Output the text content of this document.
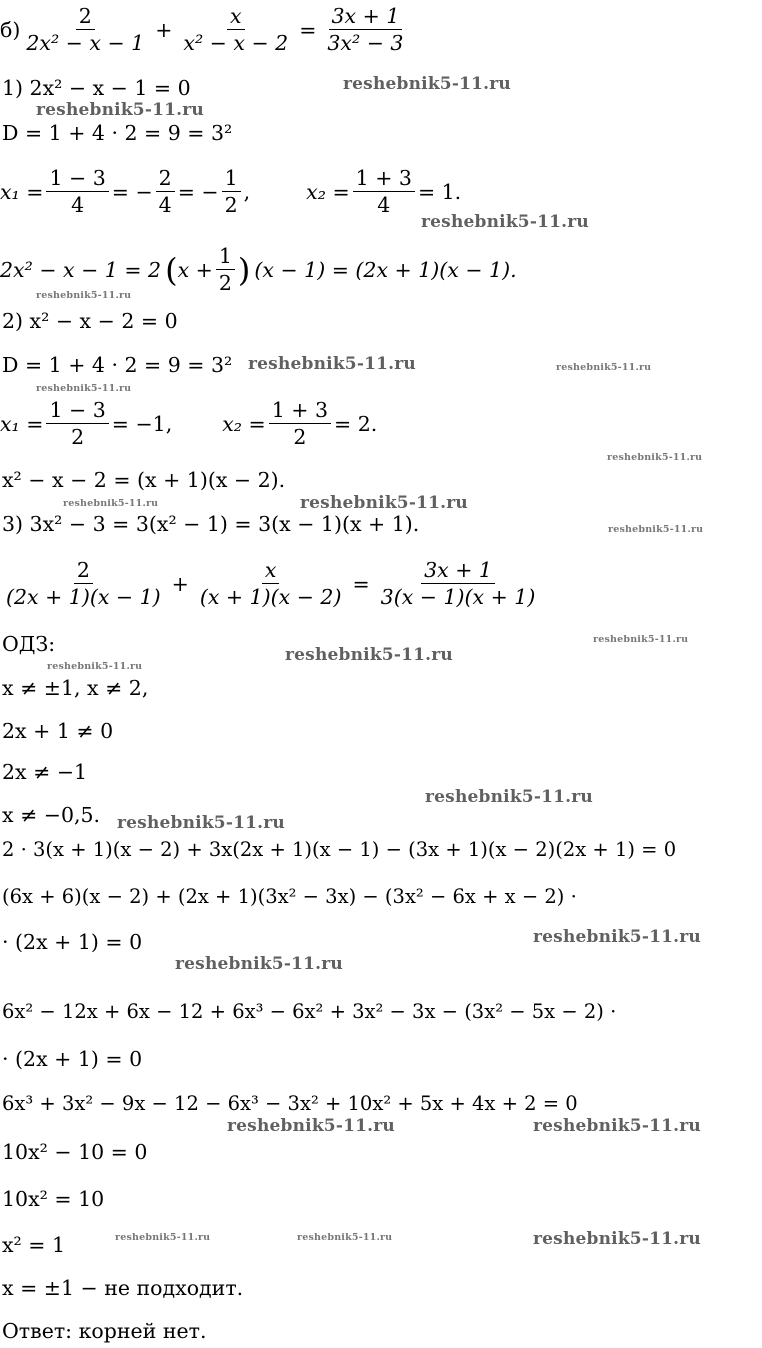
$б) \frac{2}{\text{2x² − x − 1}} + \frac{x}{\text{x² − x − 2}} = \frac{3x + 1}{\text{3x² − 3}}$
1) 2x² − x − 1 = 0
D = 1 + 4 · 2 = 9 = 3²
$x_1 = \frac{1 - 3}{4}$ = − $\frac{2}{4}$ = − $\frac{1}{2}$ ,	$x_2 = \frac{1 + 3}{4} = 1$.
2x² − x − 1 = 2 ( $x + \frac{1}{2}$ ) (x − 1) = (2x + 1)(x − 1).
2) x² − x − 2 = 0
D = 1 + 4 · 2 = 9 = 3²
$x_1 = \frac{1 - 3}{2} = -1$, $x_2 = \frac{1 + 3}{2} = 2$.
x² − x − 2 = (x + 1)(x − 2).
3) 3x² − 3 = 3(x² − 1) = 3(x − 1)(x + 1).
$\frac{2}{(2x + 1)(x - 1)} + \frac{x}{(x + 1)(x - 2)} = \frac{3x + 1}{3(x - 1)(x + 1)}$
ОДЗ:
x ≠ ±1, x ≠ 2,
2x + 1 ≠ 0
2x ≠ −1
x ≠ −0,5.
2 · 3(x + 1)(x − 2) + 3x(2x + 1)(x − 1) − (3x + 1)(x − 2)(2x + 1) = 0
(6x + 6)(x − 2) + (2x + 1)(3x² − 3x) − (3x² − 6x + x − 2) ·
· (2x + 1) = 0
6x² − 12x + 6x − 12 + 6x³ − 6x² + 3x² − 3x − (3x² − 5x − 2) ·
· (2x + 1) = 0
6x³ + 3x² − 9x − 12 − 6x³ − 3x² + 10x² + 5x + 4x + 2 = 0
10x² − 10 = 0
10x² = 10
x² = 1
x = ±1 − не подходит.
Ответ: корней нет.
reshebnik5-11.ru
reshebnik5-11.ru
reshebnik5-11.ru
reshebnik5-11.ru
reshebnik5-11.ru	reshebnik5-11.ru
reshebnik5-11.ru
reshebnik5-11.ru
reshebnik5-11.ru	reshebnik5-11.ru
reshebnik5-11.ru
reshebnik5-11.ru
reshebnik5-11.ru
reshebnik5-11.ru
reshebnik5-11.ru
reshebnik5-11.ru
reshebnik5-11.ru
reshebnik5-11.ru
reshebnik5-11.ru	reshebnik5-11.ru
reshebnik5-11.ru	reshebnik5-11.ru	reshebnik5-11.ru
